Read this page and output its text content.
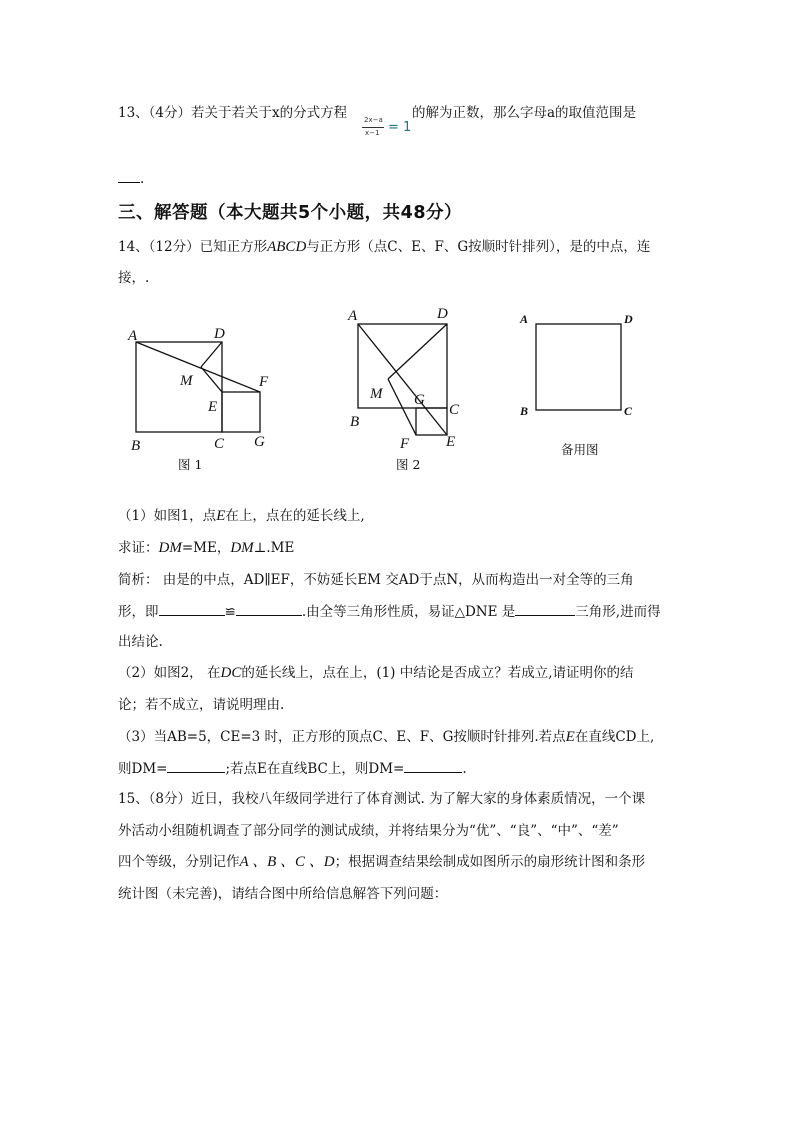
13、（4分）若关于若关于x的分式方程 2x−a
x−1 = 1
的解为正数，那么字母a的取值范围是
.
三、解答题（本大题共5个小题，共48分）
14、（12分）已知正方形ABCD与正方形（点C、E、F、G按顺时针排列），是的中点，连
接，.
A	D
M	F
E
B	C G
图 1
A	D
M G
C
B
F E
图 2
A	D
B	C
备用图
（1）如图1，点E在上，点在的延长线上,
求证：DM=ME，DM⊥.ME
简析： 由是的中点，AD∥EF，不妨延长EM 交AD于点N，从而构造出一对全等的三角
形，即	≌	.由全等三角形性质，易证△DNE 是	三角形,进而得
出结论.
（2）如图2， 在DC的延长线上，点在上，(1) 中结论是否成立？若成立,请证明你的结
论；若不成立，请说明理由.
（3）当AB=5，CE=3 时，正方形的顶点C、E、F、G按顺时针排列.若点E在直线CD上,
则DM=	;若点E在直线BC上，则DM=	.
15、（8分）近日，我校八年级同学进行了体育测试. 为了解大家的身体素质情况，一个课
外活动小组随机调查了部分同学的测试成绩，并将结果分为“优”、“良”、“中”、“差”
四个等级，分别记作A 、B 、C 、D；根据调查结果绘制成如图所示的扇形统计图和条形
统计图（未完善)，请结合图中所给信息解答下列问题：
